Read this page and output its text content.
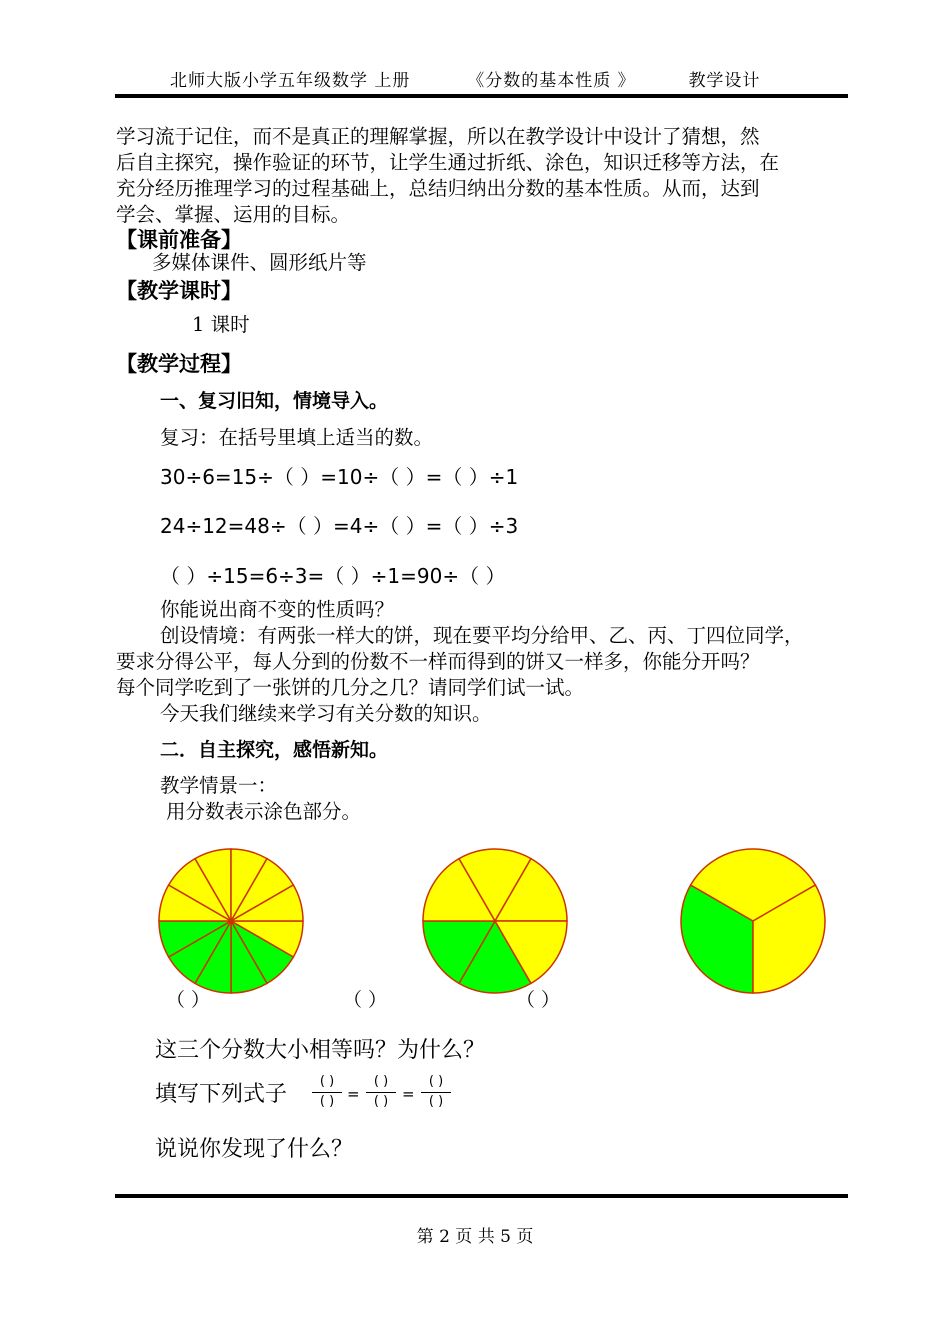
北师大版小学五年级数学 上册	《分数的基本性质 》	教学设计
学习流于记住，而不是真正的理解掌握，所以在教学设计中设计了猜想，然
后自主探究，操作验证的环节，让学生通过折纸、涂色，知识迁移等方法，在
充分经历推理学习的过程基础上，总结归纳出分数的基本性质。从而，达到
学会、掌握、运用的目标。
【课前准备】
多媒体课件、圆形纸片等
【教学课时】
1 课时
【教学过程】
一、复习旧知，情境导入。
复习：在括号里填上适当的数。
30÷6=15÷（ ）=10÷（ ）=（ ）÷1
24÷12=48÷（ ）=4÷（ ）=（ ）÷3
（ ）÷15=6÷3=（ ）÷1=90÷（ ）
你能说出商不变的性质吗？
创设情境：有两张一样大的饼，现在要平均分给甲、乙、丙、丁四位同学，
要求分得公平，每人分到的份数不一样而得到的饼又一样多，你能分开吗？
每个同学吃到了一张饼的几分之几？请同学们试一试。
今天我们继续来学习有关分数的知识。
二．自主探究，感悟新知。
教学情景一：
用分数表示涂色部分。
（ ）	（ ）	（ ）
这三个分数大小相等吗？为什么？
填写下列式子
( )
( ) =
( )
( ) =
( )
( )
说说你发现了什么？
第 2 页 共 5 页
